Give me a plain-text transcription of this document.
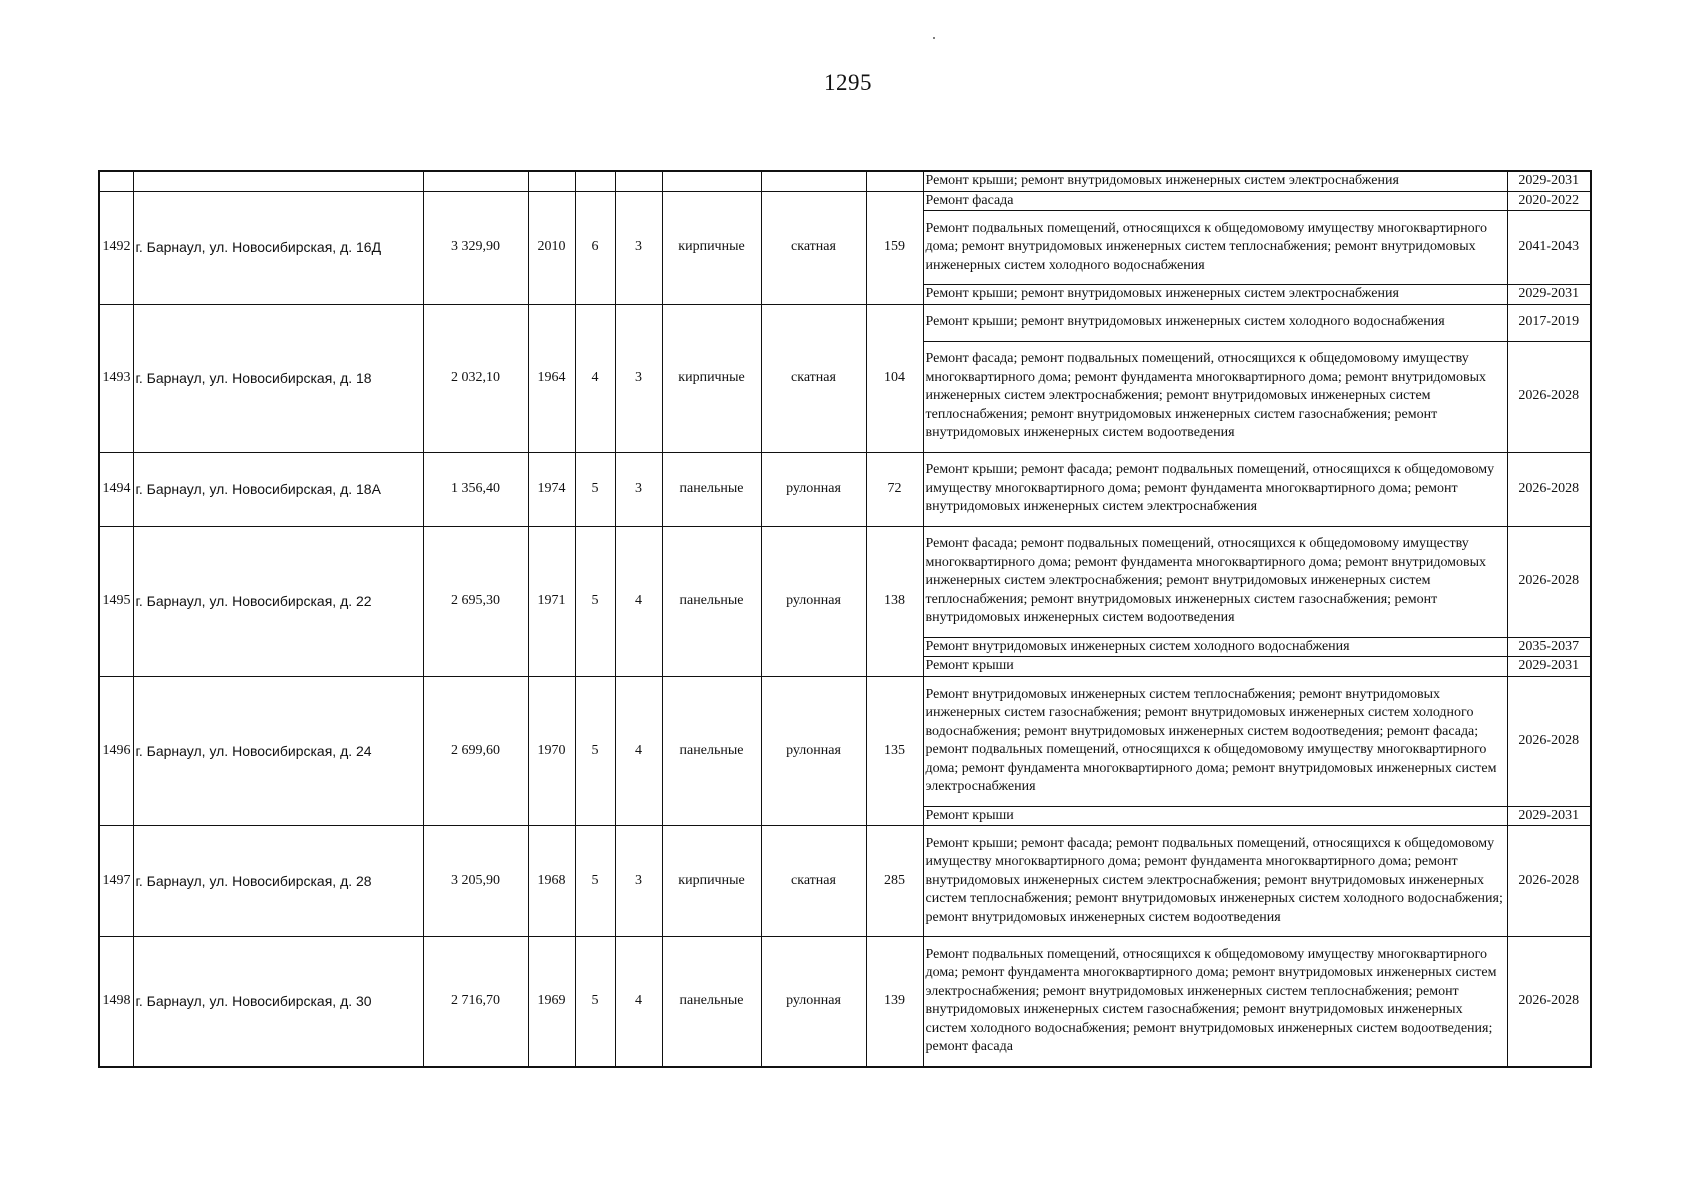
1295
									Ремонт крыши; ремонт внутридомовых инженерных систем электроснабжения	2029-2031
1492	г. Барнаул, ул. Новосибирская, д. 16Д	3 329,90	2010	6	3	кирпичные	скатная	159	Ремонт фасада	2020-2022
									Ремонт подвальных помещений, относящихся к общедомовому имуществу многоквартирного дома; ремонт внутридомовых инженерных систем теплоснабжения; ремонт внутридомовых инженерных систем холодного водоснабжения	2041-2043
									Ремонт крыши; ремонт внутридомовых инженерных систем электроснабжения	2029-2031
1493	г. Барнаул, ул. Новосибирская, д. 18	2 032,10	1964	4	3	кирпичные	скатная	104	Ремонт крыши; ремонт внутридомовых инженерных систем холодного водоснабжения	2017-2019
									Ремонт фасада; ремонт подвальных помещений, относящихся к общедомовому имуществу многоквартирного дома; ремонт фундамента многоквартирного дома; ремонт внутридомовых инженерных систем электроснабжения; ремонт внутридомовых инженерных систем теплоснабжения; ремонт внутридомовых инженерных систем газоснабжения; ремонт внутридомовых инженерных систем водоотведения	2026-2028
1494	г. Барнаул, ул. Новосибирская, д. 18А	1 356,40	1974	5	3	панельные	рулонная	72	Ремонт крыши; ремонт фасада; ремонт подвальных помещений, относящихся к общедомовому имуществу многоквартирного дома; ремонт фундамента многоквартирного дома; ремонт внутридомовых инженерных систем электроснабжения	2026-2028
1495	г. Барнаул, ул. Новосибирская, д. 22	2 695,30	1971	5	4	панельные	рулонная	138	Ремонт фасада; ремонт подвальных помещений, относящихся к общедомовому имуществу многоквартирного дома; ремонт фундамента многоквартирного дома; ремонт внутридомовых инженерных систем электроснабжения; ремонт внутридомовых инженерных систем теплоснабжения; ремонт внутридомовых инженерных систем газоснабжения; ремонт внутридомовых инженерных систем водоотведения	2026-2028
									Ремонт внутридомовых инженерных систем холодного водоснабжения	2035-2037
									Ремонт крыши	2029-2031
1496	г. Барнаул, ул. Новосибирская, д. 24	2 699,60	1970	5	4	панельные	рулонная	135	Ремонт внутридомовых инженерных систем теплоснабжения; ремонт внутридомовых инженерных систем газоснабжения; ремонт внутридомовых инженерных систем холодного водоснабжения; ремонт внутридомовых инженерных систем водоотведения; ремонт фасада; ремонт подвальных помещений, относящихся к общедомовому имуществу многоквартирного дома; ремонт фундамента многоквартирного дома; ремонт внутридомовых инженерных систем электроснабжения	2026-2028
									Ремонт крыши	2029-2031
1497	г. Барнаул, ул. Новосибирская, д. 28	3 205,90	1968	5	3	кирпичные	скатная	285	Ремонт крыши; ремонт фасада; ремонт подвальных помещений, относящихся к общедомовому имуществу многоквартирного дома; ремонт фундамента многоквартирного дома; ремонт внутридомовых инженерных систем электроснабжения; ремонт внутридомовых инженерных систем теплоснабжения; ремонт внутридомовых инженерных систем холодного водоснабжения; ремонт внутридомовых инженерных систем водоотведения	2026-2028
1498	г. Барнаул, ул. Новосибирская, д. 30	2 716,70	1969	5	4	панельные	рулонная	139	Ремонт подвальных помещений, относящихся к общедомовому имуществу многоквартирного дома; ремонт фундамента многоквартирного дома; ремонт внутридомовых инженерных систем электроснабжения; ремонт внутридомовых инженерных систем теплоснабжения; ремонт внутридомовых инженерных систем газоснабжения; ремонт внутридомовых инженерных систем холодного водоснабжения; ремонт внутридомовых инженерных систем водоотведения; ремонт фасада	2026-2028
